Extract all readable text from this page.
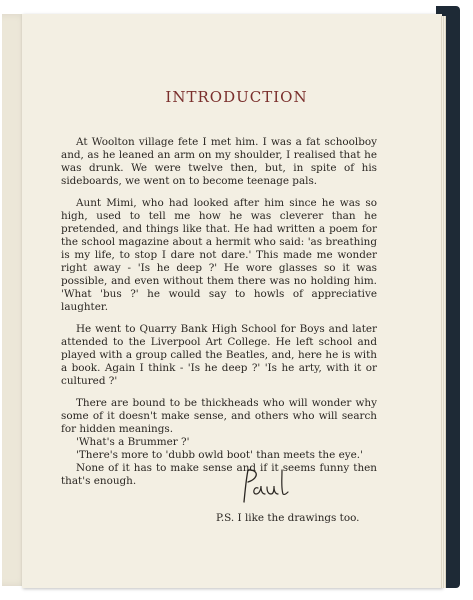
INTRODUCTION

At Woolton village fete I met him. I was a fat schoolboy and, as he leaned an arm on my shoulder, I realised that he was drunk. We were twelve then, but, in spite of his sideboards, we went on to become teenage pals.

Aunt Mimi, who had looked after him since he was so high, used to tell me how he was cleverer than he pretended, and things like that. He had written a poem for the school magazine about a hermit who said: 'as breathing is my life, to stop I dare not dare.' This made me wonder right away - 'Is he deep ?' He wore glasses so it was possible, and even without them there was no holding him. 'What 'bus ?' he would say to howls of appreciative laughter.

He went to Quarry Bank High School for Boys and later attended to the Liverpool Art College. He left school and played with a group called the Beatles, and, here he is with a book. Again I think - 'Is he deep ?' 'Is he arty, with it or cultured ?'

There are bound to be thickheads who will wonder why some of it doesn't make sense, and others who will search for hidden meanings.

'What's a Brummer ?'

'There's more to 'dubb owld boot' than meets the eye.'

None of it has to make sense and if it seems funny then that's enough.

P.S. I like the drawings too.
